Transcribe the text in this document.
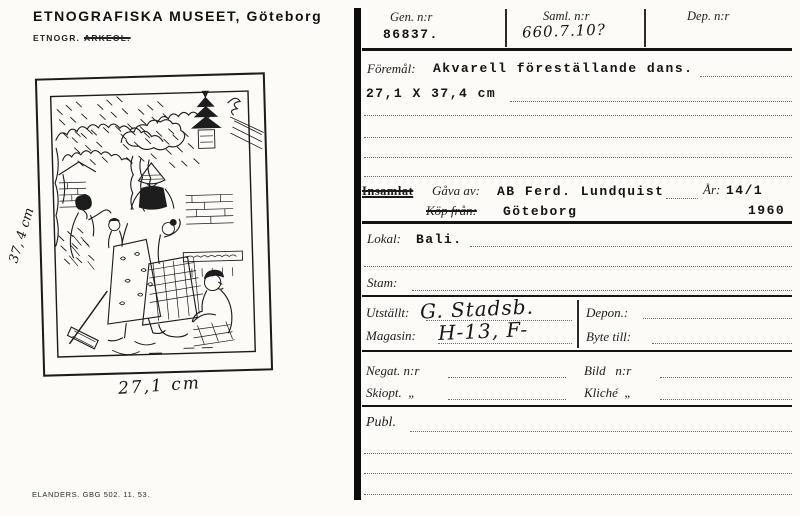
ETNOGRAFISKA MUSEET, Göteborg
ETNOGR. ARKEOL.
37, 4 cm
27,1 cm
ELANDERS. GBG 502. 11. 53.
Gen. n:r
86837.
Saml. n:r
660.7.10?
Dep. n:r
Föremål: Akvarell föreställande dans.
27,1 X 37,4 cm
Insamlat Gåva av: AB Ferd. Lundquist	År: 14/1
Köp från: Göteborg	1960
Lokal: Bali.
Stam:
Utställt: G. Stadsb.
Magasin: H-13, F-
Depon.:
Byte till:
Negat. n:r	Bild   n:r
Skiopt.  „	Kliché  „
Publ.
